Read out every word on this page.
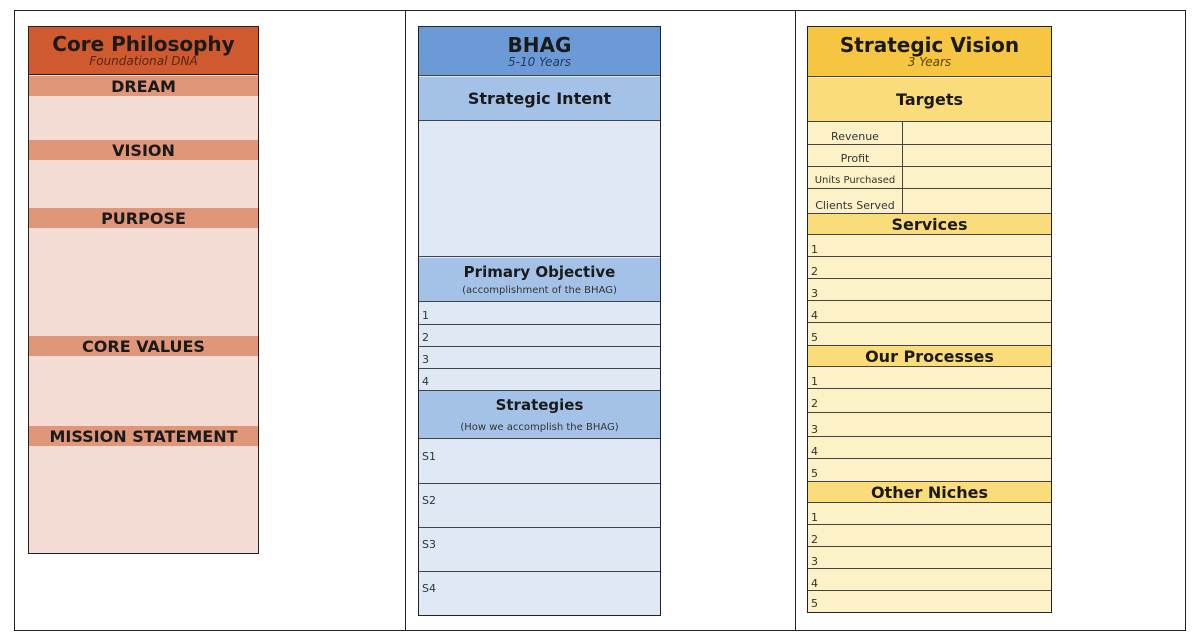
Core Philosophy
Foundational DNA
DREAM
VISION
PURPOSE
CORE VALUES
MISSION STATEMENT
BHAG
5-10 Years
Strategic Intent
Primary Objective
(accomplishment of the BHAG)
1
2
3
4
Strategies
(How we accomplish the BHAG)
S1
S2
S3
S4
Strategic Vision
3 Years
Targets
Revenue
Profit
Units Purchased
Clients Served
Services
1
2
3
4
5
Our Processes
1
2
3
4
5
Other Niches
1
2
3
4
5
